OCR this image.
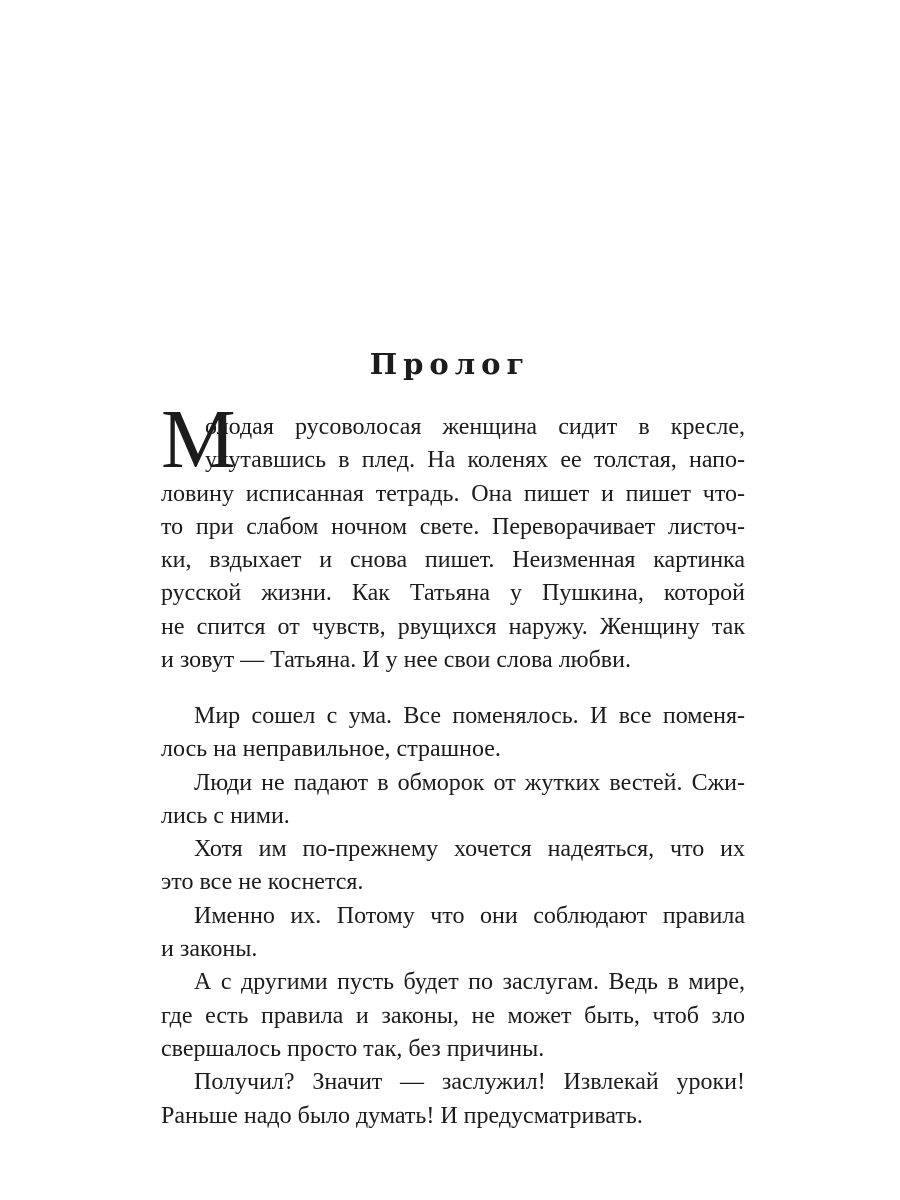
Пролог
М
олодая русоволосая женщина сидит в кресле,
укутавшись в плед. На коленях ее толстая, напо-
ловину исписанная тетрадь. Она пишет и пишет что-
то при слабом ночном свете. Переворачивает листоч-
ки, вздыхает и снова пишет. Неизменная картинка
русской жизни. Как Татьяна у Пушкина, которой
не спится от чувств, рвущихся наружу. Женщину так
и зовут — Татьяна. И у нее свои слова любви.
Мир сошел с ума. Все поменялось. И все поменя-
лось на неправильное, страшное.
Люди не падают в обморок от жутких вестей. Сжи-
лись с ними.
Хотя им по-прежнему хочется надеяться, что их
это все не коснется.
Именно их. Потому что они соблюдают правила
и законы.
А с другими пусть будет по заслугам. Ведь в мире,
где есть правила и законы, не может быть, чтоб зло
свершалось просто так, без причины.
Получил? Значит — заслужил! Извлекай уроки!
Раньше надо было думать! И предусматривать.
